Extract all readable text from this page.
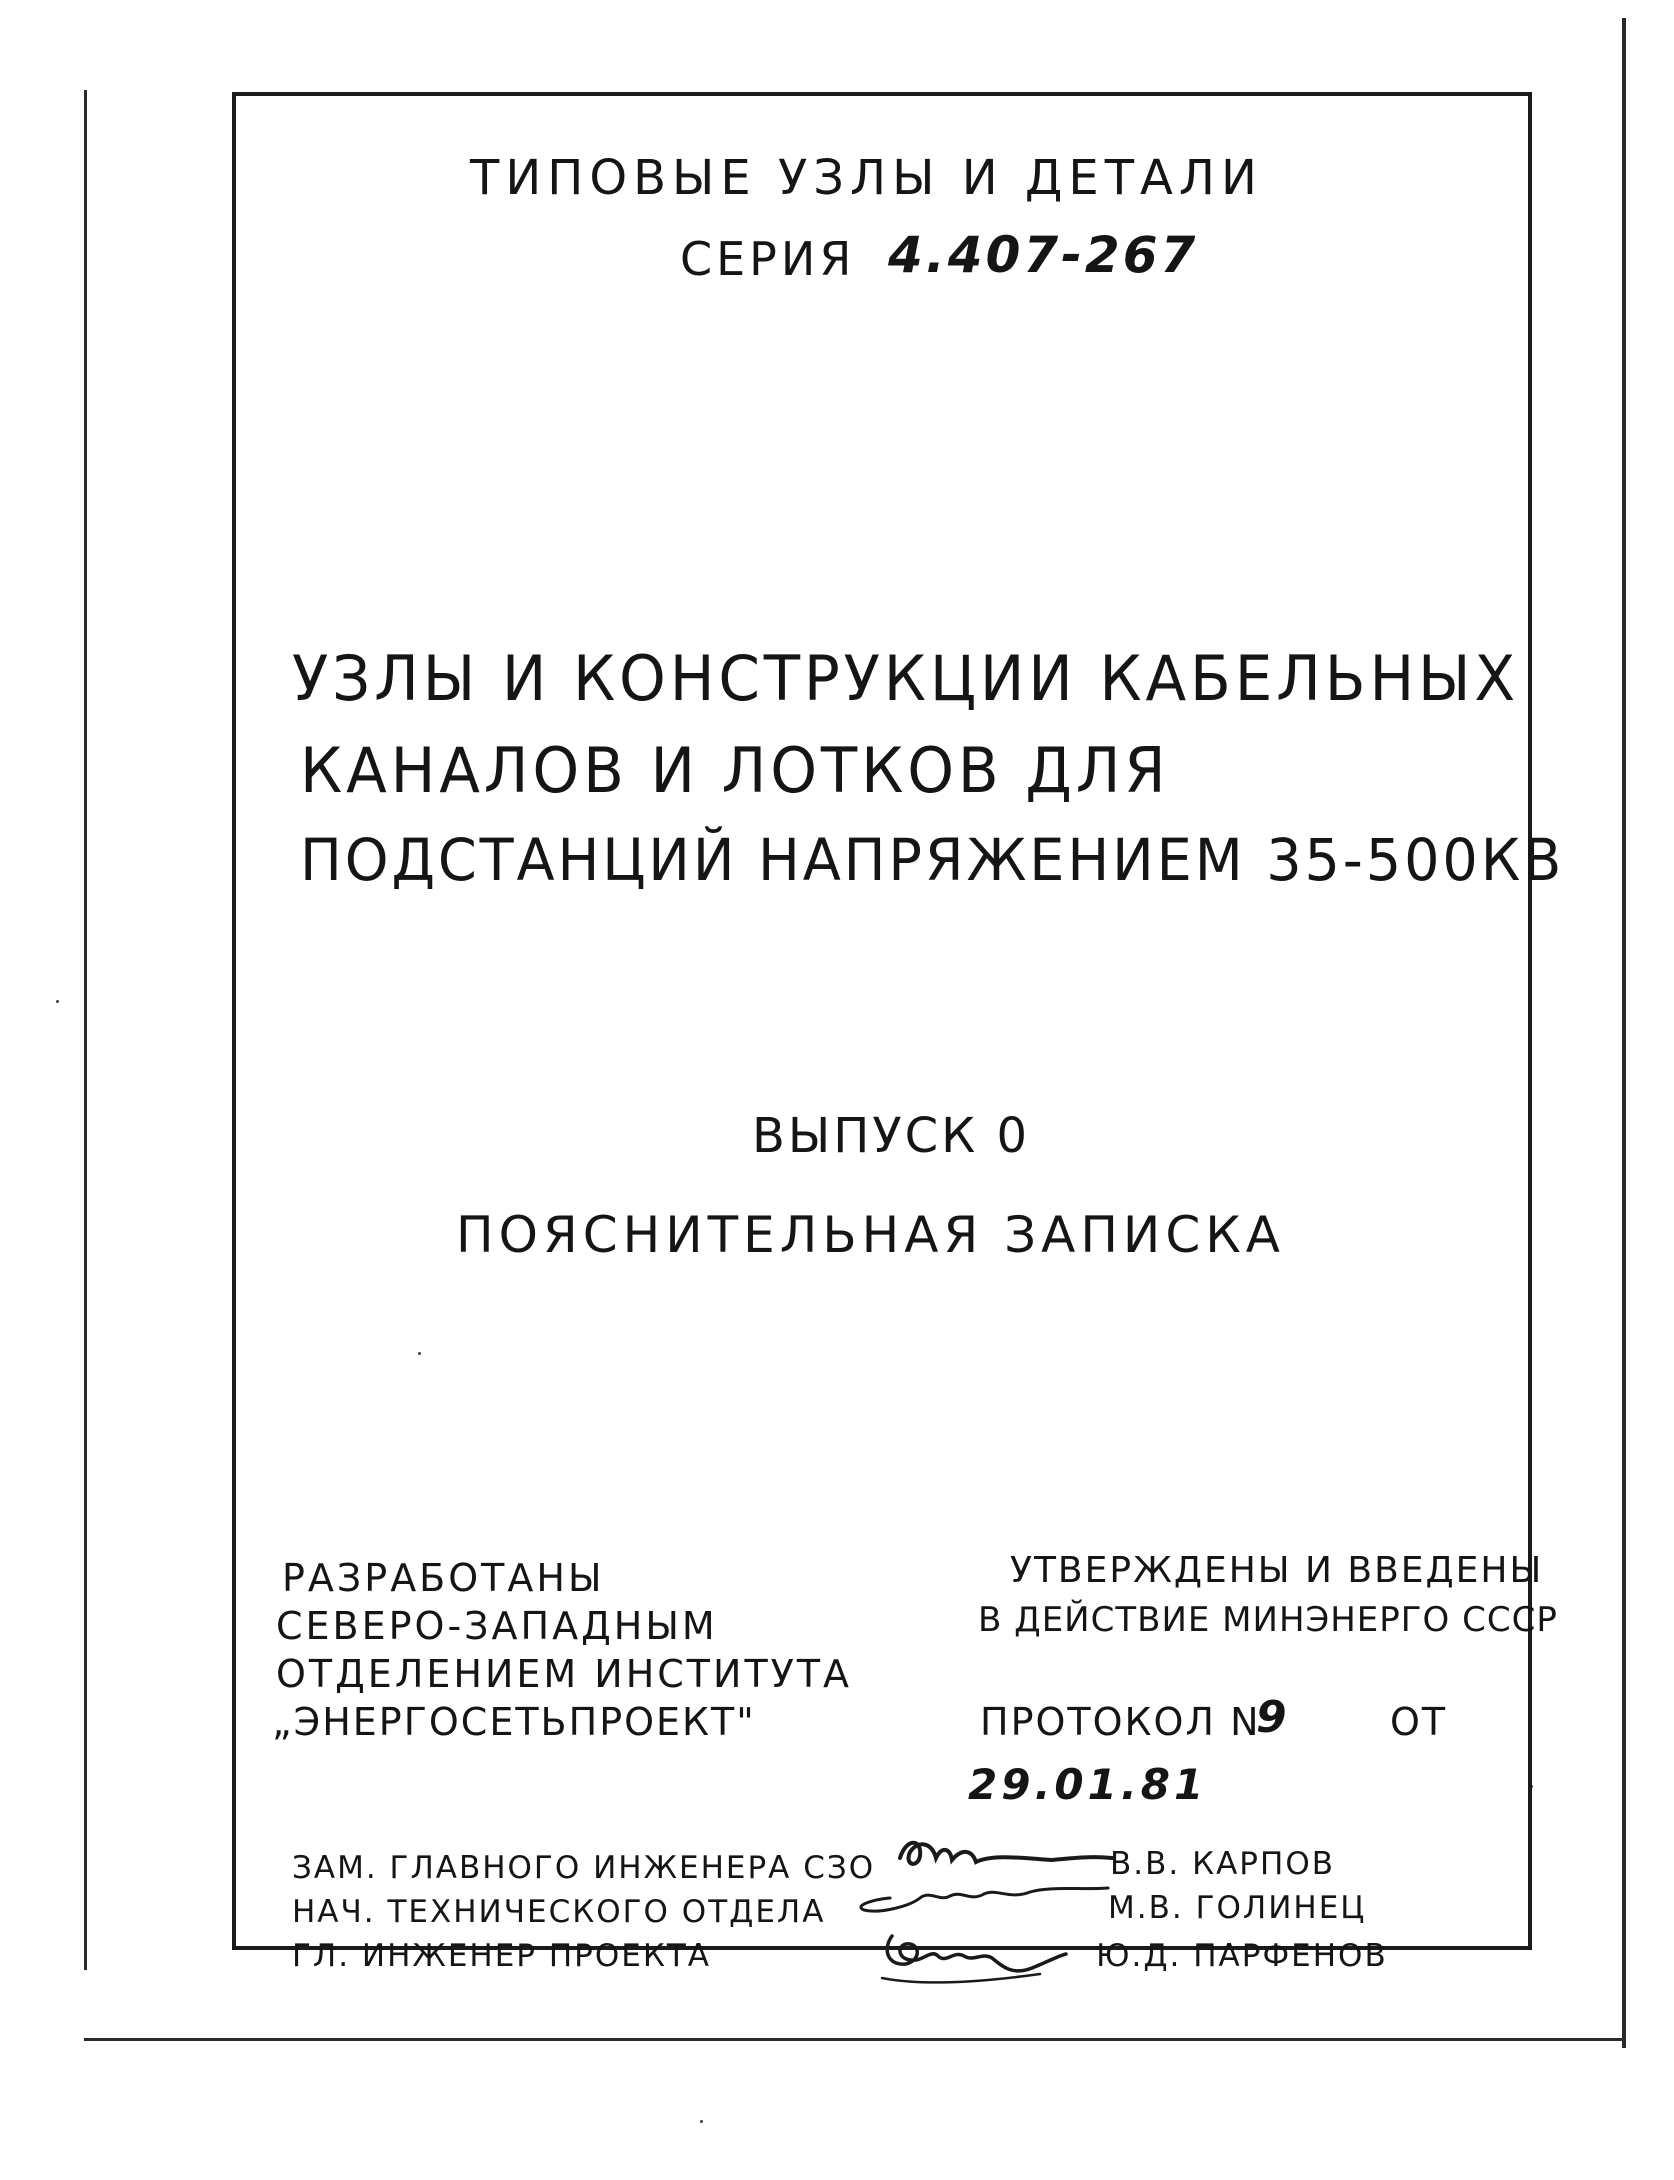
ТИПОВЫЕ УЗЛЫ И ДЕТАЛИ
СЕРИЯ 4.407-267
УЗЛЫ И КОНСТРУКЦИИ КАБЕЛЬНЫХ
КАНАЛОВ И ЛОТКОВ ДЛЯ
ПОДСТАНЦИЙ НАПРЯЖЕНИЕМ 35-500КВ
ВЫПУСК 0
ПОЯСНИТЕЛЬНАЯ ЗАПИСКА
РАЗРАБОТАНЫ
СЕВЕРО-ЗАПАДНЫМ
ОТДЕЛЕНИЕМ ИНСТИТУТА
„ЭНЕРГОСЕТЬПРОЕКТ"
УТВЕРЖДЕНЫ И ВВЕДЕНЫ
В ДЕЙСТВИЕ МИНЭНЕРГО СССР
ПРОТОКОЛ N
9	ОТ
29.01.81
ЗАМ. ГЛАВНОГО ИНЖЕНЕРА СЗО
НАЧ. ТЕХНИЧЕСКОГО ОТДЕЛА
ГЛ. ИНЖЕНЕР ПРОЕКТА
В.В. КАРПОВ
М.В. ГОЛИНЕЦ
Ю.Д. ПАРФЕНОВ
